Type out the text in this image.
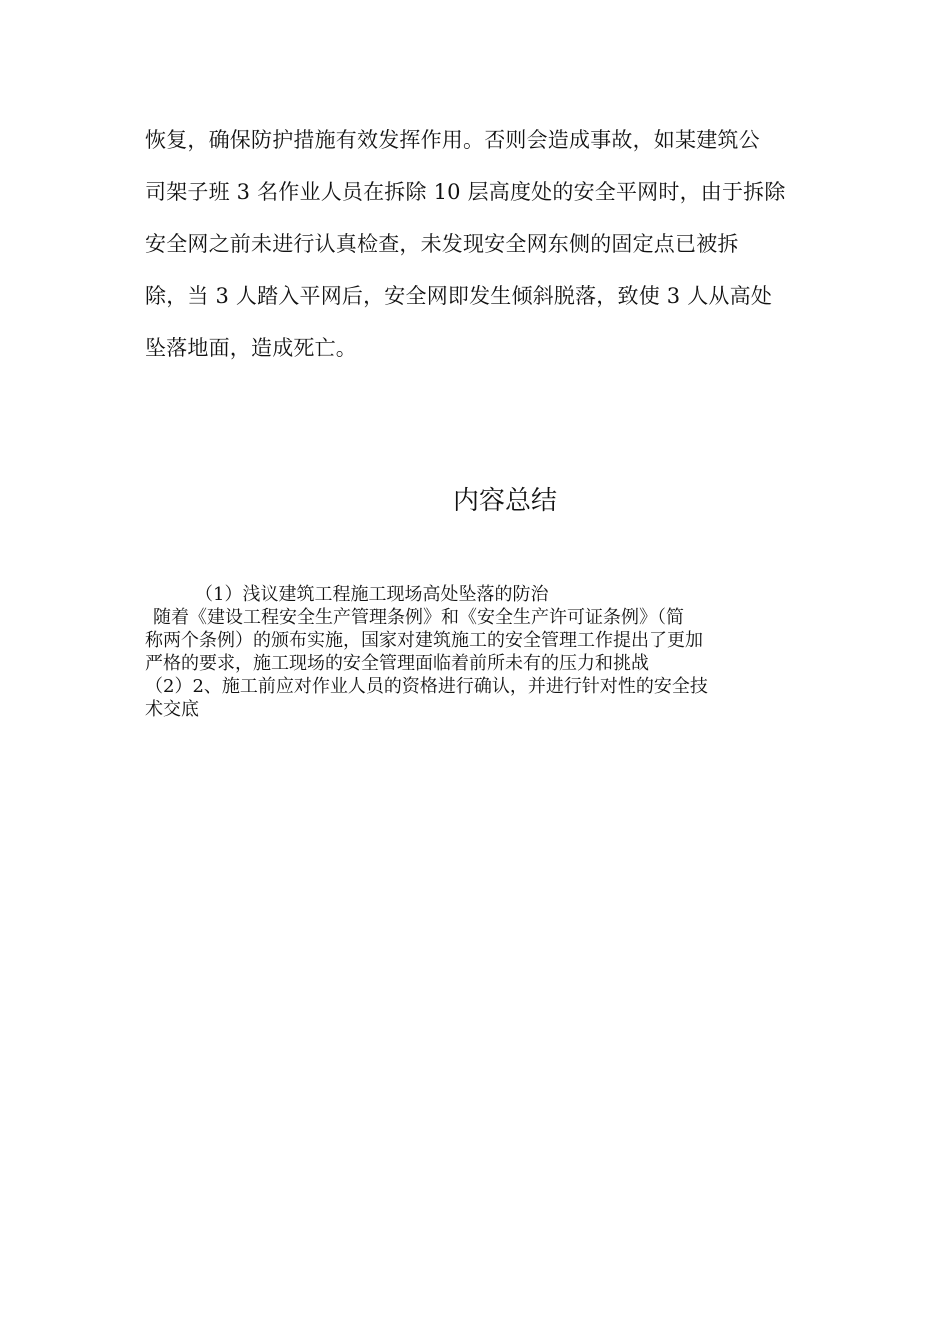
恢复，确保防护措施有效发挥作用。否则会造成事故，如某建筑公
司架子班 3 名作业人员在拆除 10 层高度处的安全平网时，由于拆除
安全网之前未进行认真检查，未发现安全网东侧的固定点已被拆
除，当 3 人踏入平网后，安全网即发生倾斜脱落，致使 3 人从高处
坠落地面，造成死亡。
内容总结
（1）浅议建筑工程施工现场高处坠落的防治
随着《建设工程安全生产管理条例》和《安全生产许可证条例》（简
称两个条例）的颁布实施，国家对建筑施工的安全管理工作提出了更加
严格的要求，施工现场的安全管理面临着前所未有的压力和挑战
（2）2、施工前应对作业人员的资格进行确认，并进行针对性的安全技
术交底
